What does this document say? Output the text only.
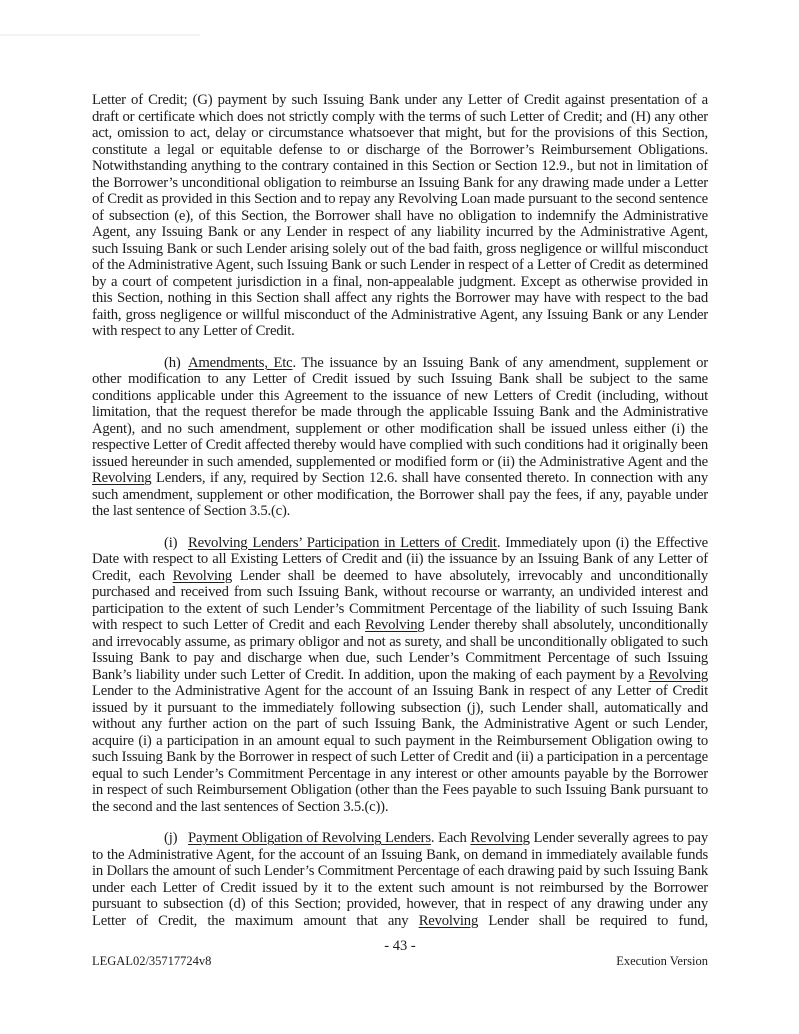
Letter of Credit; (G) payment by such Issuing Bank under any Letter of Credit against presentation of a draft or certificate which does not strictly comply with the terms of such Letter of Credit; and (H) any other act, omission to act, delay or circumstance whatsoever that might, but for the provisions of this Section, constitute a legal or equitable defense to or discharge of the Borrower’s Reimbursement Obligations. Notwithstanding anything to the contrary contained in this Section or Section 12.9., but not in limitation of the Borrower’s unconditional obligation to reimburse an Issuing Bank for any drawing made under a Letter of Credit as provided in this Section and to repay any Revolving Loan made pursuant to the second sentence of subsection (e), of this Section, the Borrower shall have no obligation to indemnify the Administrative Agent, any Issuing Bank or any Lender in respect of any liability incurred by the Administrative Agent, such Issuing Bank or such Lender arising solely out of the bad faith, gross negligence or willful misconduct of the Administrative Agent, such Issuing Bank or such Lender in respect of a Letter of Credit as determined by a court of competent jurisdiction in a final, non-appealable judgment. Except as otherwise provided in this Section, nothing in this Section shall affect any rights the Borrower may have with respect to the bad faith, gross negligence or willful misconduct of the Administrative Agent, any Issuing Bank or any Lender with respect to any Letter of Credit.

(h) Amendments, Etc. The issuance by an Issuing Bank of any amendment, supplement or other modification to any Letter of Credit issued by such Issuing Bank shall be subject to the same conditions applicable under this Agreement to the issuance of new Letters of Credit (including, without limitation, that the request therefor be made through the applicable Issuing Bank and the Administrative Agent), and no such amendment, supplement or other modification shall be issued unless either (i) the respective Letter of Credit affected thereby would have complied with such conditions had it originally been issued hereunder in such amended, supplemented or modified form or (ii) the Administrative Agent and the Revolving Lenders, if any, required by Section 12.6. shall have consented thereto. In connection with any such amendment, supplement or other modification, the Borrower shall pay the fees, if any, payable under the last sentence of Section 3.5.(c).

(i) Revolving Lenders’ Participation in Letters of Credit. Immediately upon (i) the Effective Date with respect to all Existing Letters of Credit and (ii) the issuance by an Issuing Bank of any Letter of Credit, each Revolving Lender shall be deemed to have absolutely, irrevocably and unconditionally purchased and received from such Issuing Bank, without recourse or warranty, an undivided interest and participation to the extent of such Lender’s Commitment Percentage of the liability of such Issuing Bank with respect to such Letter of Credit and each Revolving Lender thereby shall absolutely, unconditionally and irrevocably assume, as primary obligor and not as surety, and shall be unconditionally obligated to such Issuing Bank to pay and discharge when due, such Lender’s Commitment Percentage of such Issuing Bank’s liability under such Letter of Credit. In addition, upon the making of each payment by a Revolving Lender to the Administrative Agent for the account of an Issuing Bank in respect of any Letter of Credit issued by it pursuant to the immediately following subsection (j), such Lender shall, automatically and without any further action on the part of such Issuing Bank, the Administrative Agent or such Lender, acquire (i) a participation in an amount equal to such payment in the Reimbursement Obligation owing to such Issuing Bank by the Borrower in respect of such Letter of Credit and (ii) a participation in a percentage equal to such Lender’s Commitment Percentage in any interest or other amounts payable by the Borrower in respect of such Reimbursement Obligation (other than the Fees payable to such Issuing Bank pursuant to the second and the last sentences of Section 3.5.(c)).

(j) Payment Obligation of Revolving Lenders. Each Revolving Lender severally agrees to pay to the Administrative Agent, for the account of an Issuing Bank, on demand in immediately available funds in Dollars the amount of such Lender’s Commitment Percentage of each drawing paid by such Issuing Bank under each Letter of Credit issued by it to the extent such amount is not reimbursed by the Borrower pursuant to subsection (d) of this Section; provided, however, that in respect of any drawing under any Letter of Credit, the maximum amount that any Revolving Lender shall be required to fund,

- 43 -
LEGAL02/35717724v8	Execution Version
